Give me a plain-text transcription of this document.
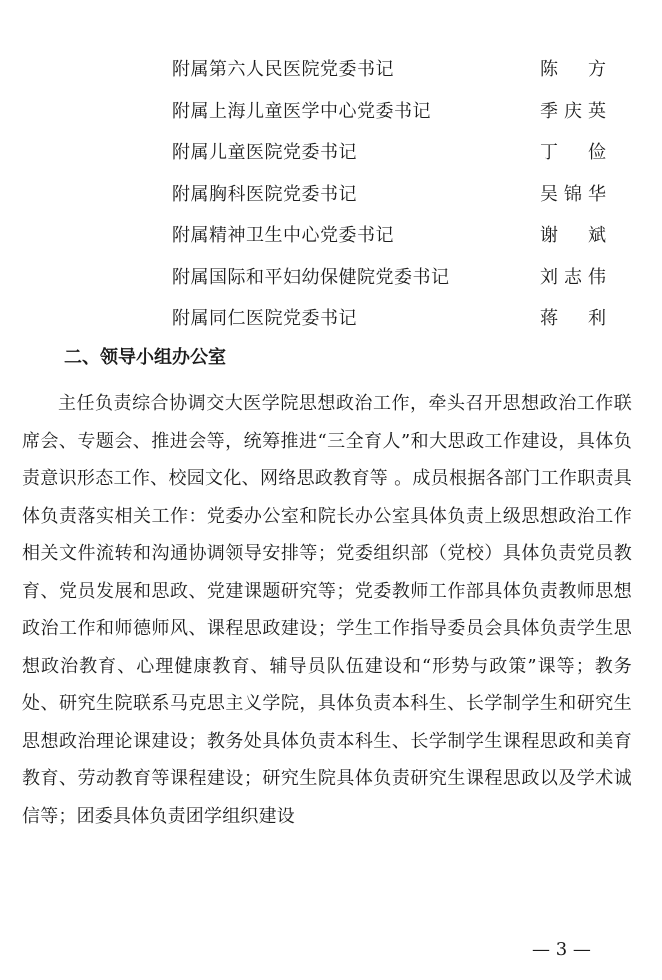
附属第六人民医院党委书记	陈 方
附属上海儿童医学中心党委书记	季庆英
附属儿童医院党委书记	丁 俭
附属胸科医院党委书记	吴锦华
附属精神卫生中心党委书记	谢 斌
附属国际和平妇幼保健院党委书记	刘志伟
附属同仁医院党委书记	蒋 利
二、领导小组办公室

主任负责综合协调交大医学院思想政治工作，牵头召开思想政治工作联席会、专题会、推进会等，统筹推进“三全育人”和大思政工作建设，具体负责意识形态工作、校园文化、网络思政教育等 。成员根据各部门工作职责具体负责落实相关工作：党委办公室和院长办公室具体负责上级思想政治工作相关文件流转和沟通协调领导安排等；党委组织部（党校）具体负责党员教育、党员发展和思政、党建课题研究等；党委教师工作部具体负责教师思想政治工作和师德师风、课程思政建设；学生工作指导委员会具体负责学生思想政治教育、心理健康教育、辅导员队伍建设和“形势与政策”课等；教务处、研究生院联系马克思主义学院，具体负责本科生、长学制学生和研究生思想政治理论课建设；教务处具体负责本科生、长学制学生课程思政和美育教育、劳动教育等课程建设；研究生院具体负责研究生课程思政以及学术诚信等；团委具体负责团学组织建设

— 3 —
